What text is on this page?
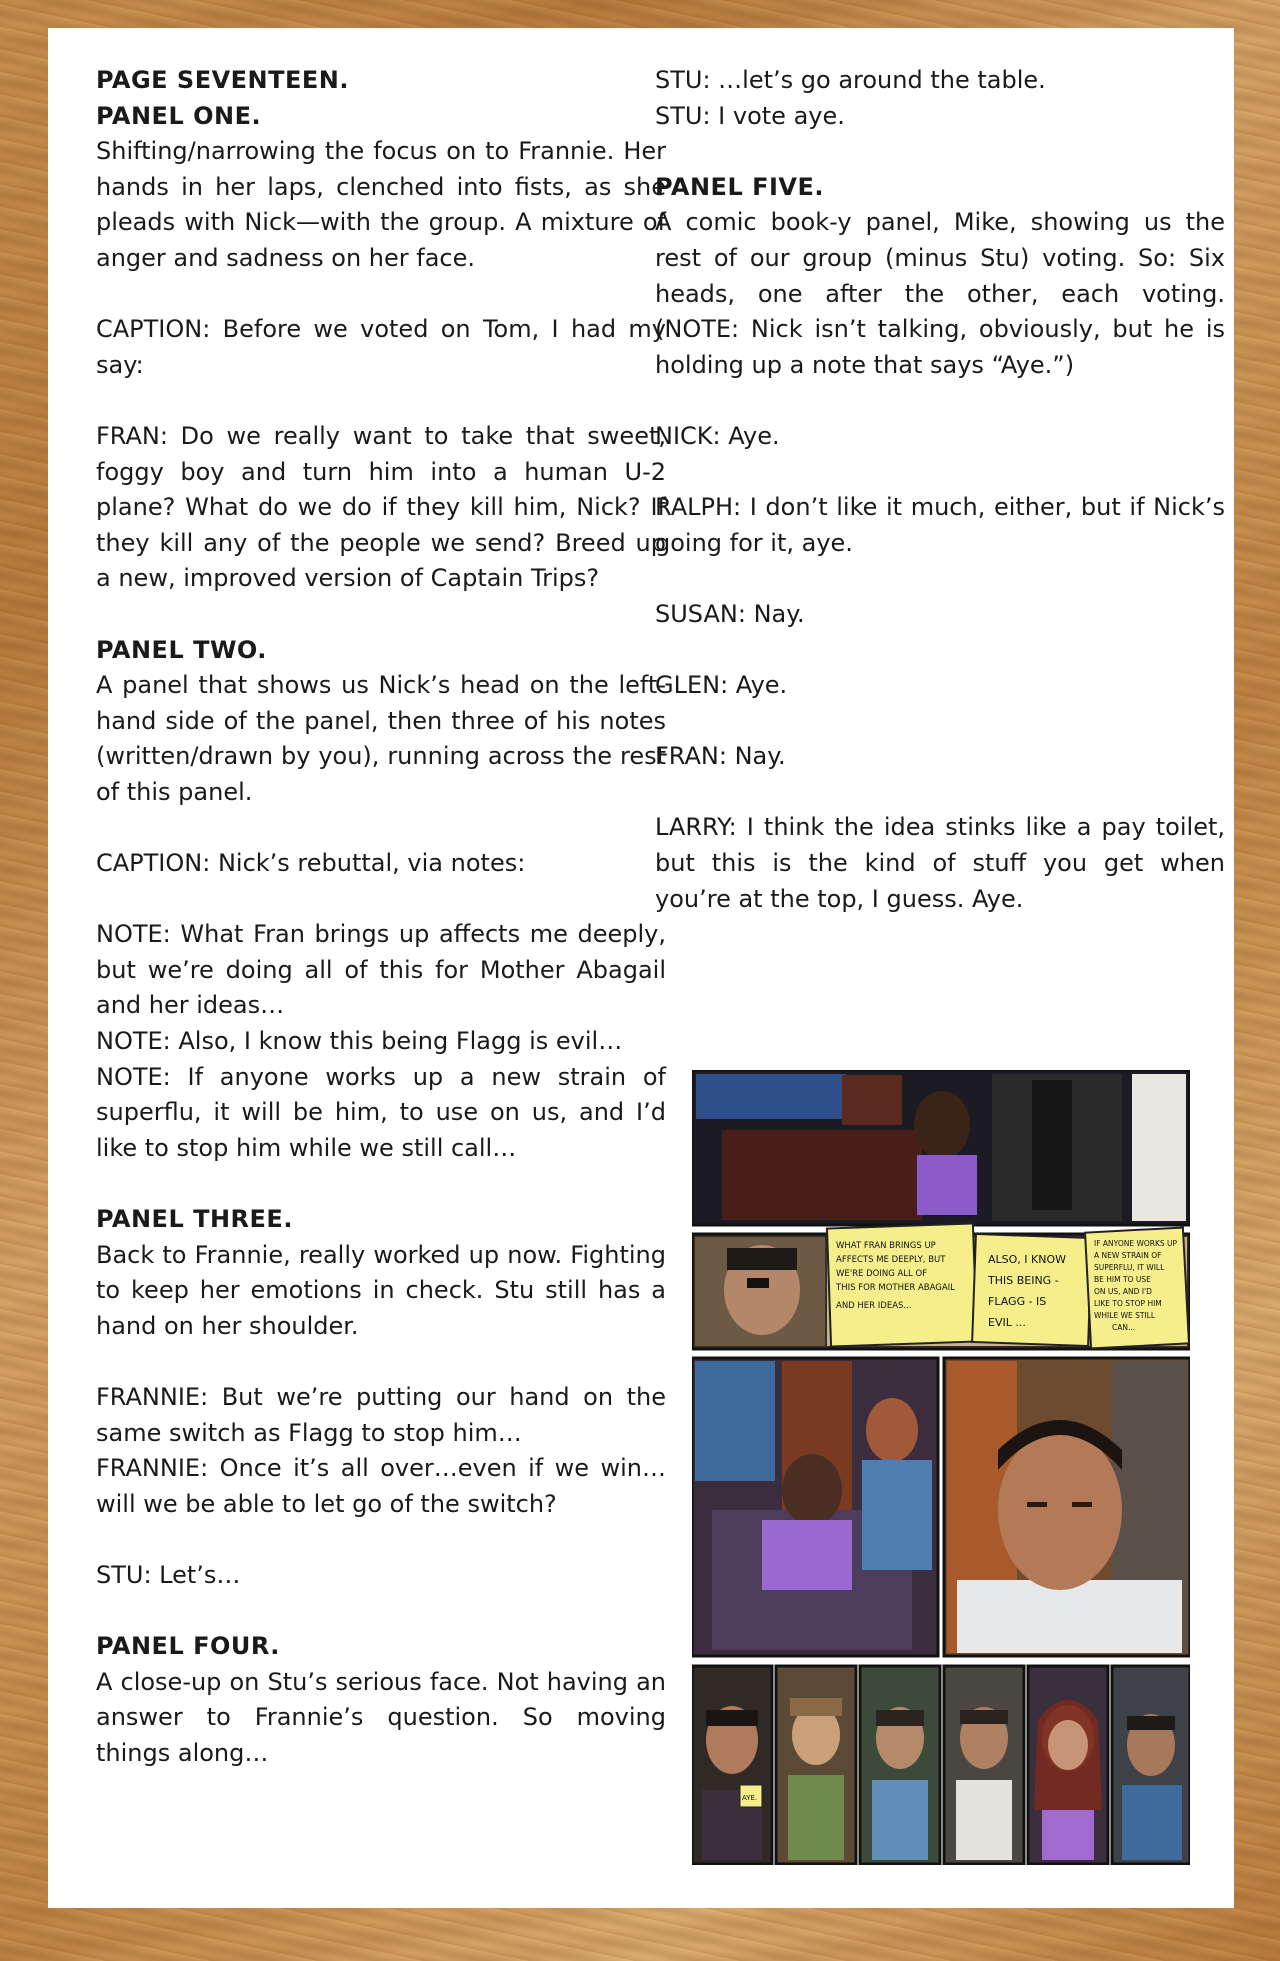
PAGE SEVENTEEN.
PANEL ONE.
Shifting/narrowing the focus on to Frannie. Her hands in her laps, clenched into fists, as she pleads with Nick—with the group. A mixture of anger and sadness on her face.
CAPTION: Before we voted on Tom, I had my say:
FRAN: Do we really want to take that sweet, foggy boy and turn him into a human U-2 plane? What do we do if they kill him, Nick? If they kill any of the people we send? Breed up a new, improved version of Captain Trips?
PANEL TWO.
A panel that shows us Nick’s head on the left-hand side of the panel, then three of his notes (written/drawn by you), running across the rest of this panel.
CAPTION: Nick’s rebuttal, via notes:
NOTE: What Fran brings up affects me deeply, but we’re doing all of this for Mother Abagail and her ideas…
NOTE: Also, I know this being Flagg is evil…
NOTE: If anyone works up a new strain of superflu, it will be him, to use on us, and I’d like to stop him while we still call…
PANEL THREE.
Back to Frannie, really worked up now. Fighting to keep her emotions in check. Stu still has a hand on her shoulder.
FRANNIE: But we’re putting our hand on the same switch as Flagg to stop him…
FRANNIE: Once it’s all over…even if we win…will we be able to let go of the switch?
STU: Let’s…
PANEL FOUR.
A close-up on Stu’s serious face. Not having an answer to Frannie’s question. So moving things along…
STU: …let’s go around the table.
STU: I vote aye.
PANEL FIVE.
A comic book-y panel, Mike, showing us the rest of our group (minus Stu) voting. So: Six heads, one after the other, each voting. (NOTE: Nick isn’t talking, obviously, but he is holding up a note that says “Aye.”)
NICK: Aye.
RALPH: I don’t like it much, either, but if Nick’s going for it, aye.
SUSAN: Nay.
GLEN: Aye.
FRAN: Nay.
LARRY: I think the idea stinks like a pay toilet, but this is the kind of stuff you get when you’re at the top, I guess. Aye.
WHAT FRAN BRINGS UP AFFECTS ME DEEPLY, BUT WE'RE DOING ALL OF THIS FOR MOTHER ABAGAIL AND HER IDEAS...
ALSO, I KNOW THIS BEING - FLAGG - IS EVIL ...
IF ANYONE WORKS UP A NEW STRAIN OF SUPERFLU, IT WILL BE HIM TO USE ON US, AND I'D LIKE TO STOP HIM WHILE WE STILL CAN...
AYE.
